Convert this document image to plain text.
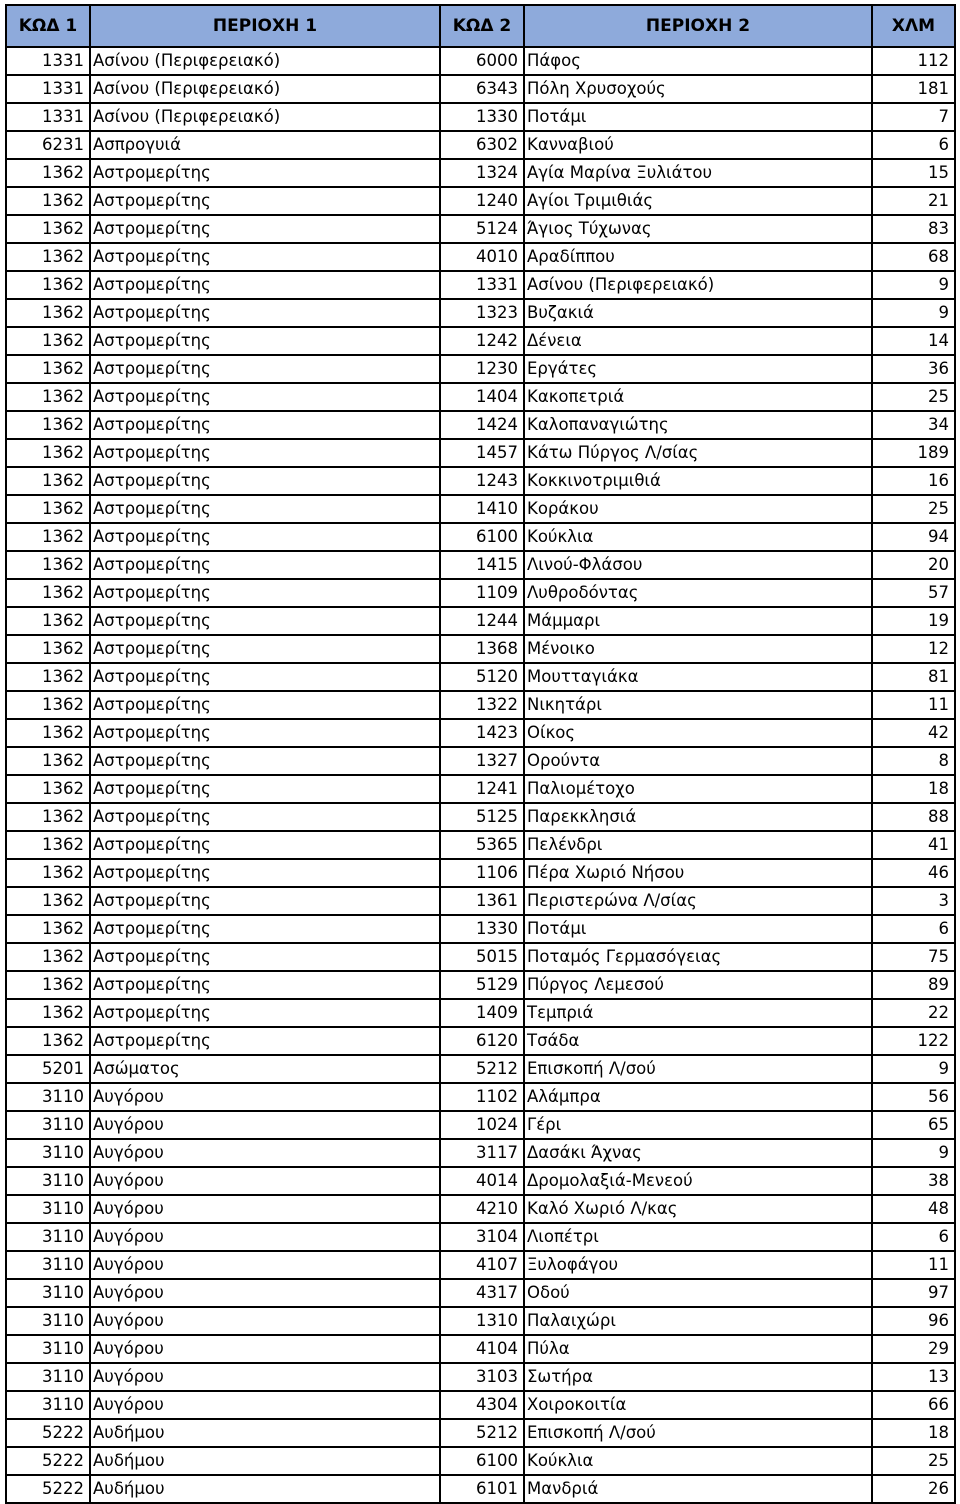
ΚΩΔ 1	ΠΕΡΙΟΧΗ 1	ΚΩΔ 2	ΠΕΡΙΟΧΗ 2	ΧΛΜ
1331	Ασίνου (Περιφερειακό)	6000	Πάφος	112
1331	Ασίνου (Περιφερειακό)	6343	Πόλη Χρυσοχούς	181
1331	Ασίνου (Περιφερειακό)	1330	Ποτάμι	7
6231	Ασπρογυιά	6302	Κανναβιού	6
1362	Αστρομερίτης	1324	Αγία Μαρίνα Ξυλιάτου	15
1362	Αστρομερίτης	1240	Αγίοι Τριμιθιάς	21
1362	Αστρομερίτης	5124	Άγιος Τύχωνας	83
1362	Αστρομερίτης	4010	Αραδίππου	68
1362	Αστρομερίτης	1331	Ασίνου (Περιφερειακό)	9
1362	Αστρομερίτης	1323	Βυζακιά	9
1362	Αστρομερίτης	1242	Δένεια	14
1362	Αστρομερίτης	1230	Εργάτες	36
1362	Αστρομερίτης	1404	Κακοπετριά	25
1362	Αστρομερίτης	1424	Καλοπαναγιώτης	34
1362	Αστρομερίτης	1457	Κάτω Πύργος Λ/σίας	189
1362	Αστρομερίτης	1243	Κοκκινοτριμιθιά	16
1362	Αστρομερίτης	1410	Κοράκου	25
1362	Αστρομερίτης	6100	Κούκλια	94
1362	Αστρομερίτης	1415	Λινού-Φλάσου	20
1362	Αστρομερίτης	1109	Λυθροδόντας	57
1362	Αστρομερίτης	1244	Μάμμαρι	19
1362	Αστρομερίτης	1368	Μένοικο	12
1362	Αστρομερίτης	5120	Μουτταγιάκα	81
1362	Αστρομερίτης	1322	Νικητάρι	11
1362	Αστρομερίτης	1423	Οίκος	42
1362	Αστρομερίτης	1327	Ορούντα	8
1362	Αστρομερίτης	1241	Παλιομέτοχο	18
1362	Αστρομερίτης	5125	Παρεκκλησιά	88
1362	Αστρομερίτης	5365	Πελένδρι	41
1362	Αστρομερίτης	1106	Πέρα Χωριό Νήσου	46
1362	Αστρομερίτης	1361	Περιστερώνα Λ/σίας	3
1362	Αστρομερίτης	1330	Ποτάμι	6
1362	Αστρομερίτης	5015	Ποταμός Γερμασόγειας	75
1362	Αστρομερίτης	5129	Πύργος Λεμεσού	89
1362	Αστρομερίτης	1409	Τεμπριά	22
1362	Αστρομερίτης	6120	Τσάδα	122
5201	Ασώματος	5212	Επισκοπή Λ/σού	9
3110	Αυγόρου	1102	Αλάμπρα	56
3110	Αυγόρου	1024	Γέρι	65
3110	Αυγόρου	3117	Δασάκι Άχνας	9
3110	Αυγόρου	4014	Δρομολαξιά-Μενεού	38
3110	Αυγόρου	4210	Καλό Χωριό Λ/κας	48
3110	Αυγόρου	3104	Λιοπέτρι	6
3110	Αυγόρου	4107	Ξυλοφάγου	11
3110	Αυγόρου	4317	Οδού	97
3110	Αυγόρου	1310	Παλαιχώρι	96
3110	Αυγόρου	4104	Πύλα	29
3110	Αυγόρου	3103	Σωτήρα	13
3110	Αυγόρου	4304	Χοιροκοιτία	66
5222	Αυδήμου	5212	Επισκοπή Λ/σού	18
5222	Αυδήμου	6100	Κούκλια	25
5222	Αυδήμου	6101	Μανδριά	26
